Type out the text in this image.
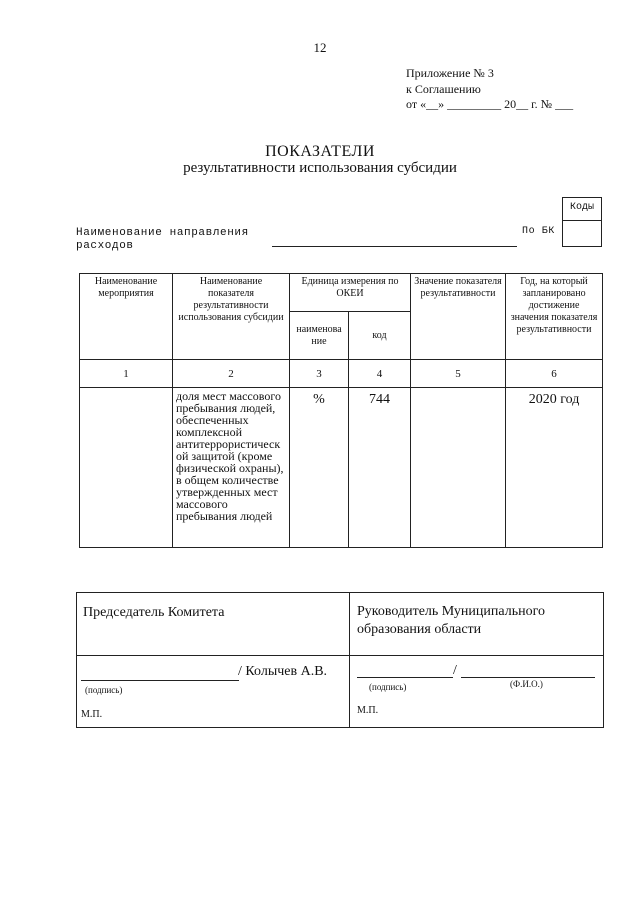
12
Приложение № 3
к Соглашению
от «__» _________ 20__ г. № ___
ПОКАЗАТЕЛИ
результативности использования субсидии
Коды
Наименование направления
расходов
По БК
Наименование мероприятия	Наименование показателя результативности использования субсидии	Единица измерения по ОКЕИ		Значение показателя результативности	Год, на который запланировано достижение значения показателя результативности
		наименова ние	код		
1	2	3	4	5	6
	доля мест массового пребывания людей, обеспеченных комплексной антитеррористическ ой защитой (кроме физической охраны), в общем количестве утвержденных мест массового пребывания людей	%	744		2020 год
Председатель Комитета	Руководитель Муниципального
образования области
/ Колычев А.В.
(подпись)
М.П.
/
(подпись)	(Ф.И.О.)
М.П.
